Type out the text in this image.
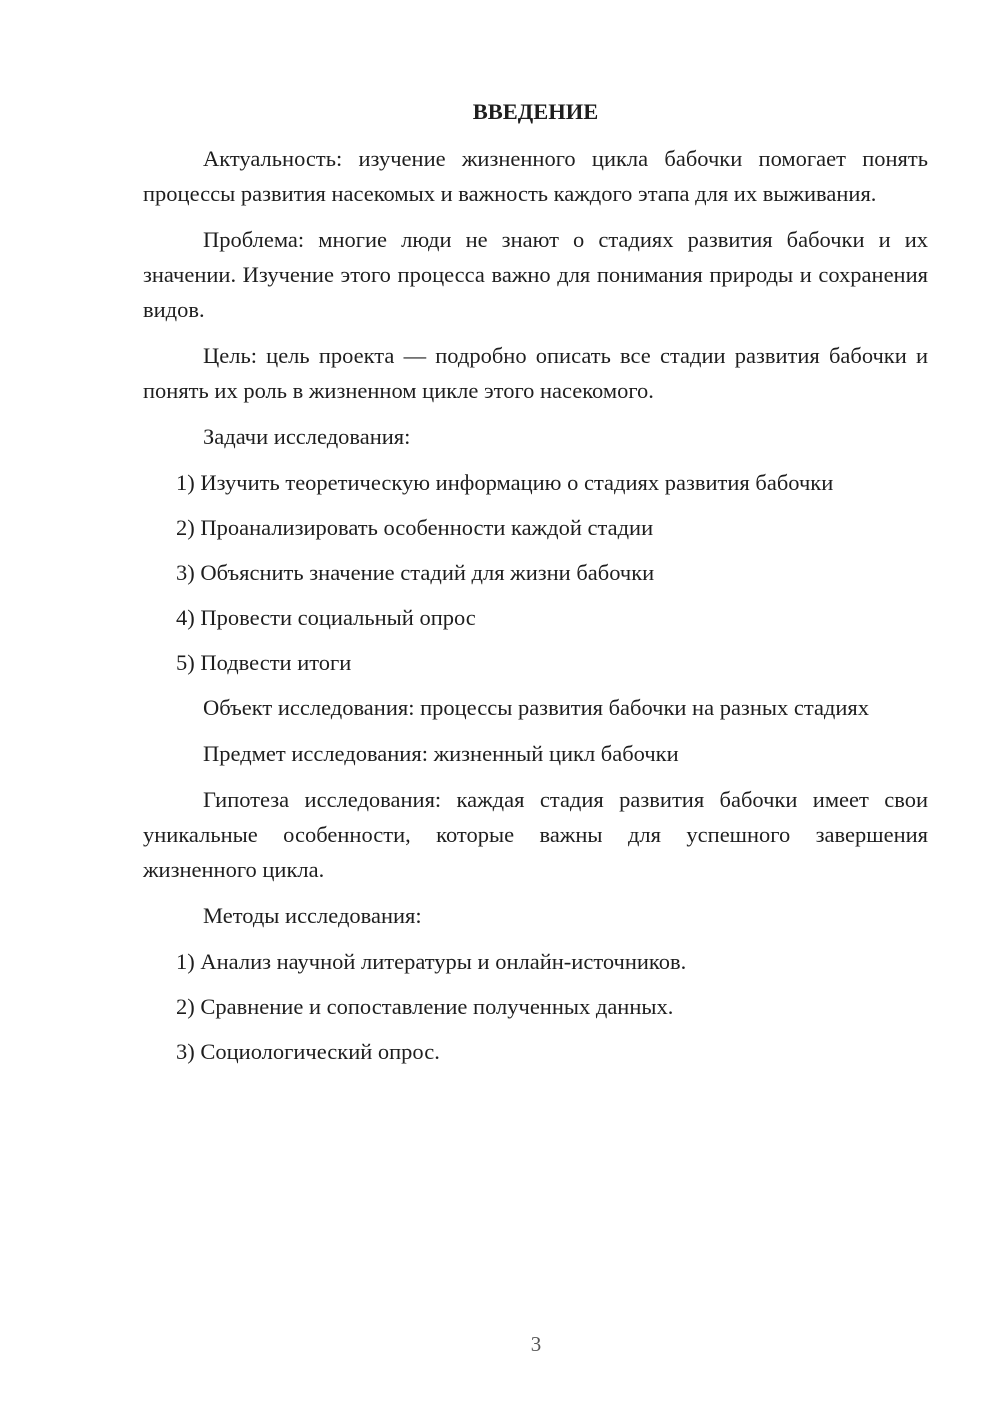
ВВЕДЕНИЕ

Актуальность: изучение жизненного цикла бабочки помогает понять процессы развития насекомых и важность каждого этапа для их выживания.

Проблема: многие люди не знают о стадиях развития бабочки и их значении. Изучение этого процесса важно для понимания природы и сохранения видов.

Цель: цель проекта — подробно описать все стадии развития бабочки и понять их роль в жизненном цикле этого насекомого.

Задачи исследования:

1) Изучить теоретическую информацию о стадиях развития бабочки
2) Проанализировать особенности каждой стадии
3) Объяснить значение стадий для жизни бабочки
4) Провести социальный опрос
5) Подвести итоги

Объект исследования: процессы развития бабочки на разных стадиях

Предмет исследования: жизненный цикл бабочки

Гипотеза исследования: каждая стадия развития бабочки имеет свои уникальные особенности, которые важны для успешного завершения жизненного цикла.

Методы исследования:

1) Анализ научной литературы и онлайн-источников.
2) Сравнение и сопоставление полученных данных.
3) Социологический опрос.
3
